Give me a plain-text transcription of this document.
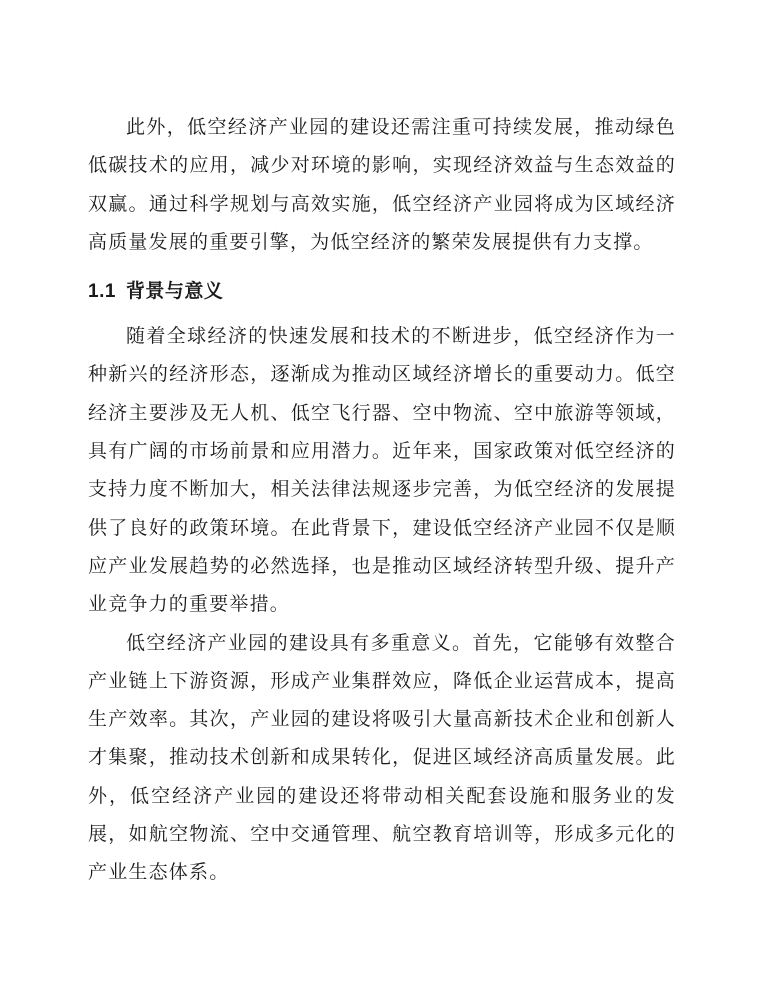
此外，低空经济产业园的建设还需注重可持续发展，推动绿色低碳技术的应用，减少对环境的影响，实现经济效益与生态效益的双赢。通过科学规划与高效实施，低空经济产业园将成为区域经济高质量发展的重要引擎，为低空经济的繁荣发展提供有力支撑。

1.1 背景与意义

随着全球经济的快速发展和技术的不断进步，低空经济作为一种新兴的经济形态，逐渐成为推动区域经济增长的重要动力。低空经济主要涉及无人机、低空飞行器、空中物流、空中旅游等领域，具有广阔的市场前景和应用潜力。近年来，国家政策对低空经济的支持力度不断加大，相关法律法规逐步完善，为低空经济的发展提供了良好的政策环境。在此背景下，建设低空经济产业园不仅是顺应产业发展趋势的必然选择，也是推动区域经济转型升级、提升产业竞争力的重要举措。

低空经济产业园的建设具有多重意义。首先，它能够有效整合产业链上下游资源，形成产业集群效应，降低企业运营成本，提高生产效率。其次，产业园的建设将吸引大量高新技术企业和创新人才集聚，推动技术创新和成果转化，促进区域经济高质量发展。此外，低空经济产业园的建设还将带动相关配套设施和服务业的发展，如航空物流、空中交通管理、航空教育培训等，形成多元化的产业生态体系。
